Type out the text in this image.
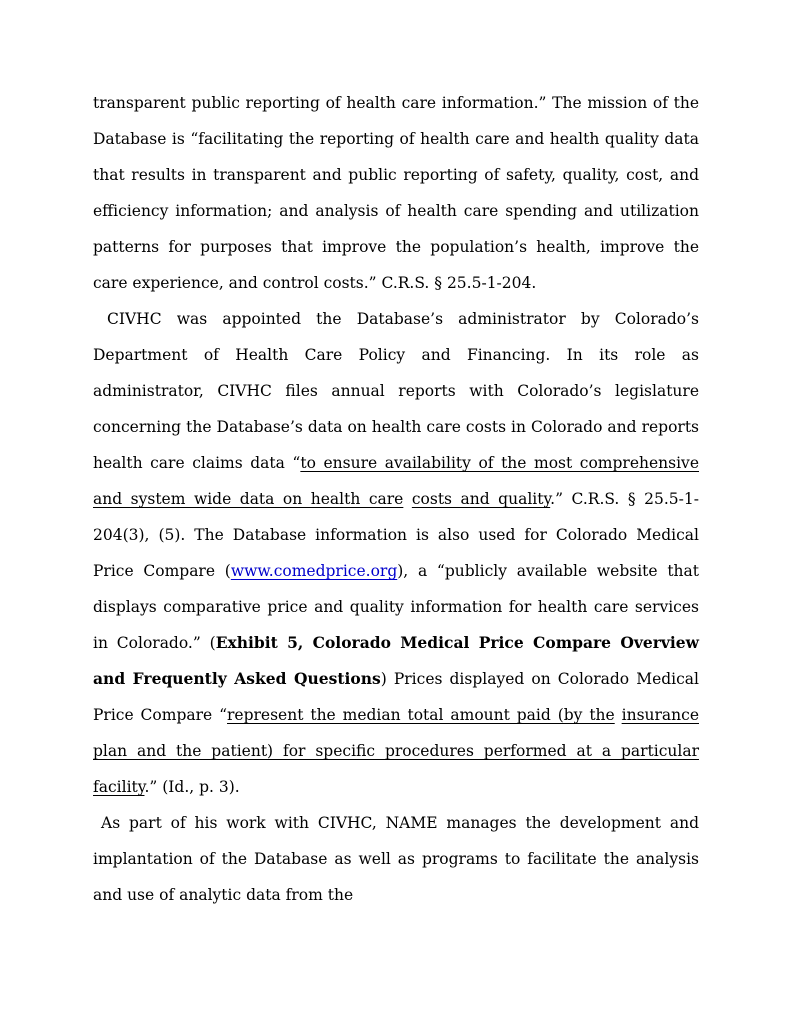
transparent public reporting of health care information.” The mission of the
Database is “facilitating the reporting of health care and health quality data
that results in transparent and public reporting of safety, quality, cost, and
efficiency information; and analysis of health care spending and utilization
patterns for purposes that improve the population’s health, improve the
care experience, and control costs.” C.R.S. § 25.5-1-204.
CIVHC was appointed the Database’s administrator by Colorado’s
Department of Health Care Policy and Financing. In its role as
administrator, CIVHC files annual reports with Colorado’s legislature
concerning the Database’s data on health care costs in Colorado and reports
health care claims data “to ensure availability of the most comprehensive
and system wide data on health care costs and quality.” C.R.S. § 25.5-1-
204(3), (5). The Database information is also used for Colorado Medical
Price Compare (www.comedprice.org), a “publicly available website that
displays comparative price and quality information for health care services
in Colorado.” (Exhibit 5, Colorado Medical Price Compare Overview
and Frequently Asked Questions) Prices displayed on Colorado Medical
Price Compare “represent the median total amount paid (by the insurance
plan and the patient) for specific procedures performed at a particular
facility.” (Id., p. 3).
As part of his work with CIVHC, NAME manages the development and
implantation of the Database as well as programs to facilitate the analysis
and use of analytic data from the
